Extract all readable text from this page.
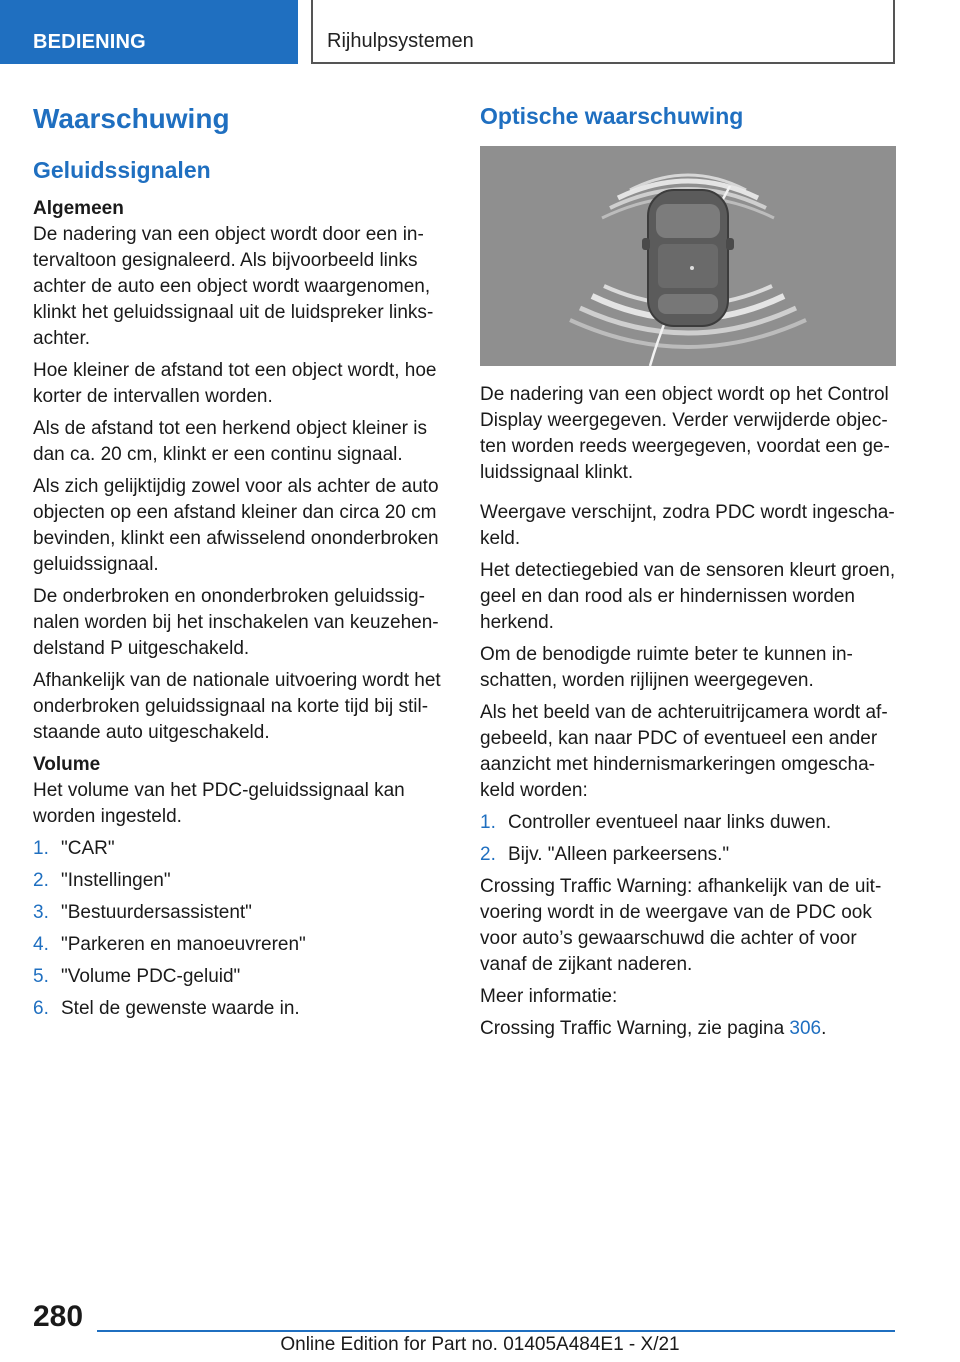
BEDIENING	Rijhulpsystemen
Waarschuwing
Geluidssignalen
Algemeen

De nadering van een object wordt door een intervaltoon gesignaleerd. Als bijvoorbeeld links achter de auto een object wordt waargenomen, klinkt het geluidssignaal uit de luidspreker linksachter.

Hoe kleiner de afstand tot een object wordt, hoe korter de intervallen worden.

Als de afstand tot een herkend object kleiner is dan ca. 20 cm, klinkt er een continu signaal.

Als zich gelijktijdig zowel voor als achter de auto objecten op een afstand kleiner dan circa 20 cm bevinden, klinkt een afwisselend ononderbroken geluidssignaal.

De onderbroken en ononderbroken geluidssignalen worden bij het inschakelen van keuzehendelstand P uitgeschakeld.

Afhankelijk van de nationale uitvoering wordt het onderbroken geluidssignaal na korte tijd bij stilstaande auto uitgeschakeld.

Volume

Het volume van het PDC-geluidssignaal kan worden ingesteld.

1. "CAR"
2. "Instellingen"
3. "Bestuurdersassistent"
4. "Parkeren en manoeuvreren"
5. "Volume PDC-geluid"
6. Stel de gewenste waarde in.
Optische waarschuwing

De nadering van een object wordt op het Control Display weergegeven. Verder verwijderde objecten worden reeds weergegeven, voordat een geluidssignaal klinkt.

Weergave verschijnt, zodra PDC wordt ingeschakeld.

Het detectiegebied van de sensoren kleurt groen, geel en dan rood als er hindernissen worden herkend.

Om de benodigde ruimte beter te kunnen inschatten, worden rijlijnen weergegeven.

Als het beeld van de achteruitrijcamera wordt afgebeeld, kan naar PDC of eventueel een ander aanzicht met hindernismarkeringen omgeschakeld worden:

1. Controller eventueel naar links duwen.
2. Bijv. "Alleen parkeersens."

Crossing Traffic Warning: afhankelijk van de uitvoering wordt in de weergave van de PDC ook voor auto’s gewaarschuwd die achter of voor vanaf de zijkant naderen.

Meer informatie:

Crossing Traffic Warning, zie pagina 306.

280
Online Edition for Part no. 01405A484E1 - X/21
